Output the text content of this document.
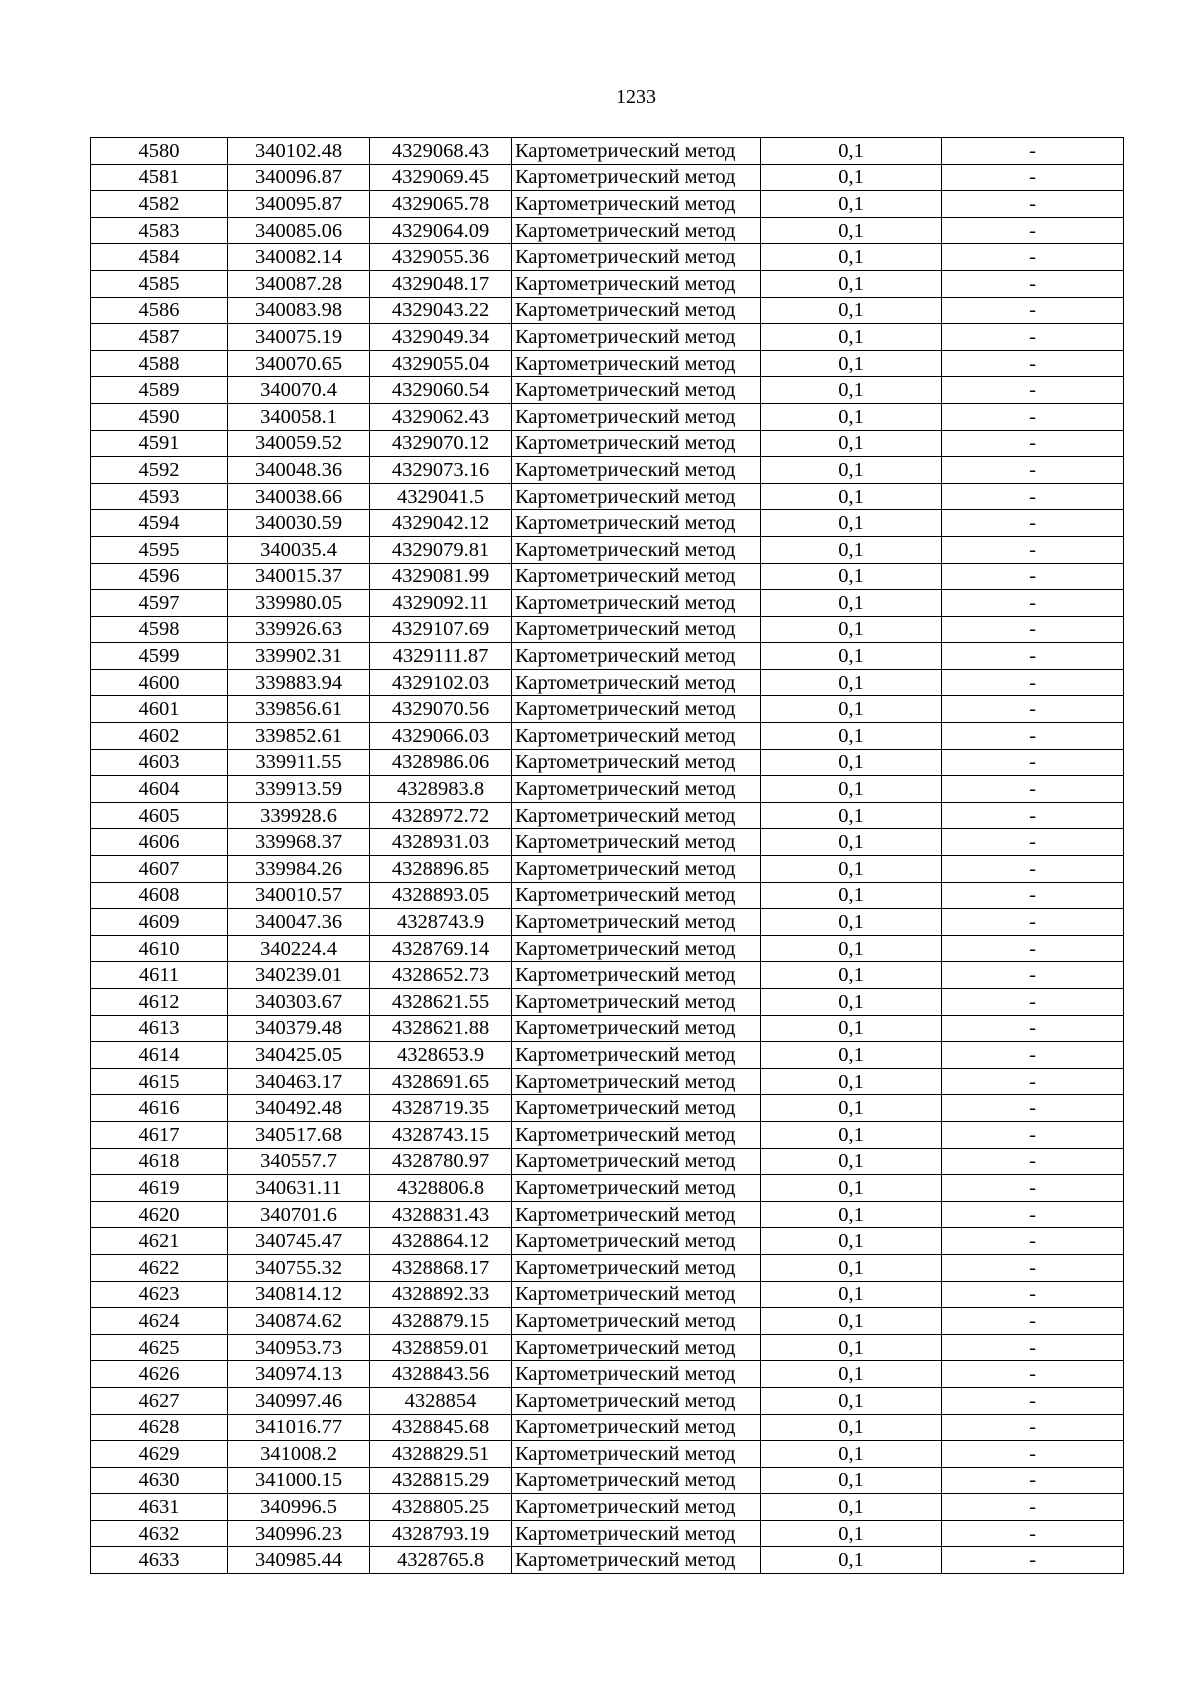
1233
4580	340102.48	4329068.43	Картометрический метод	0,1	-
4581	340096.87	4329069.45	Картометрический метод	0,1	-
4582	340095.87	4329065.78	Картометрический метод	0,1	-
4583	340085.06	4329064.09	Картометрический метод	0,1	-
4584	340082.14	4329055.36	Картометрический метод	0,1	-
4585	340087.28	4329048.17	Картометрический метод	0,1	-
4586	340083.98	4329043.22	Картометрический метод	0,1	-
4587	340075.19	4329049.34	Картометрический метод	0,1	-
4588	340070.65	4329055.04	Картометрический метод	0,1	-
4589	340070.4	4329060.54	Картометрический метод	0,1	-
4590	340058.1	4329062.43	Картометрический метод	0,1	-
4591	340059.52	4329070.12	Картометрический метод	0,1	-
4592	340048.36	4329073.16	Картометрический метод	0,1	-
4593	340038.66	4329041.5	Картометрический метод	0,1	-
4594	340030.59	4329042.12	Картометрический метод	0,1	-
4595	340035.4	4329079.81	Картометрический метод	0,1	-
4596	340015.37	4329081.99	Картометрический метод	0,1	-
4597	339980.05	4329092.11	Картометрический метод	0,1	-
4598	339926.63	4329107.69	Картометрический метод	0,1	-
4599	339902.31	4329111.87	Картометрический метод	0,1	-
4600	339883.94	4329102.03	Картометрический метод	0,1	-
4601	339856.61	4329070.56	Картометрический метод	0,1	-
4602	339852.61	4329066.03	Картометрический метод	0,1	-
4603	339911.55	4328986.06	Картометрический метод	0,1	-
4604	339913.59	4328983.8	Картометрический метод	0,1	-
4605	339928.6	4328972.72	Картометрический метод	0,1	-
4606	339968.37	4328931.03	Картометрический метод	0,1	-
4607	339984.26	4328896.85	Картометрический метод	0,1	-
4608	340010.57	4328893.05	Картометрический метод	0,1	-
4609	340047.36	4328743.9	Картометрический метод	0,1	-
4610	340224.4	4328769.14	Картометрический метод	0,1	-
4611	340239.01	4328652.73	Картометрический метод	0,1	-
4612	340303.67	4328621.55	Картометрический метод	0,1	-
4613	340379.48	4328621.88	Картометрический метод	0,1	-
4614	340425.05	4328653.9	Картометрический метод	0,1	-
4615	340463.17	4328691.65	Картометрический метод	0,1	-
4616	340492.48	4328719.35	Картометрический метод	0,1	-
4617	340517.68	4328743.15	Картометрический метод	0,1	-
4618	340557.7	4328780.97	Картометрический метод	0,1	-
4619	340631.11	4328806.8	Картометрический метод	0,1	-
4620	340701.6	4328831.43	Картометрический метод	0,1	-
4621	340745.47	4328864.12	Картометрический метод	0,1	-
4622	340755.32	4328868.17	Картометрический метод	0,1	-
4623	340814.12	4328892.33	Картометрический метод	0,1	-
4624	340874.62	4328879.15	Картометрический метод	0,1	-
4625	340953.73	4328859.01	Картометрический метод	0,1	-
4626	340974.13	4328843.56	Картометрический метод	0,1	-
4627	340997.46	4328854	Картометрический метод	0,1	-
4628	341016.77	4328845.68	Картометрический метод	0,1	-
4629	341008.2	4328829.51	Картометрический метод	0,1	-
4630	341000.15	4328815.29	Картометрический метод	0,1	-
4631	340996.5	4328805.25	Картометрический метод	0,1	-
4632	340996.23	4328793.19	Картометрический метод	0,1	-
4633	340985.44	4328765.8	Картометрический метод	0,1	-
